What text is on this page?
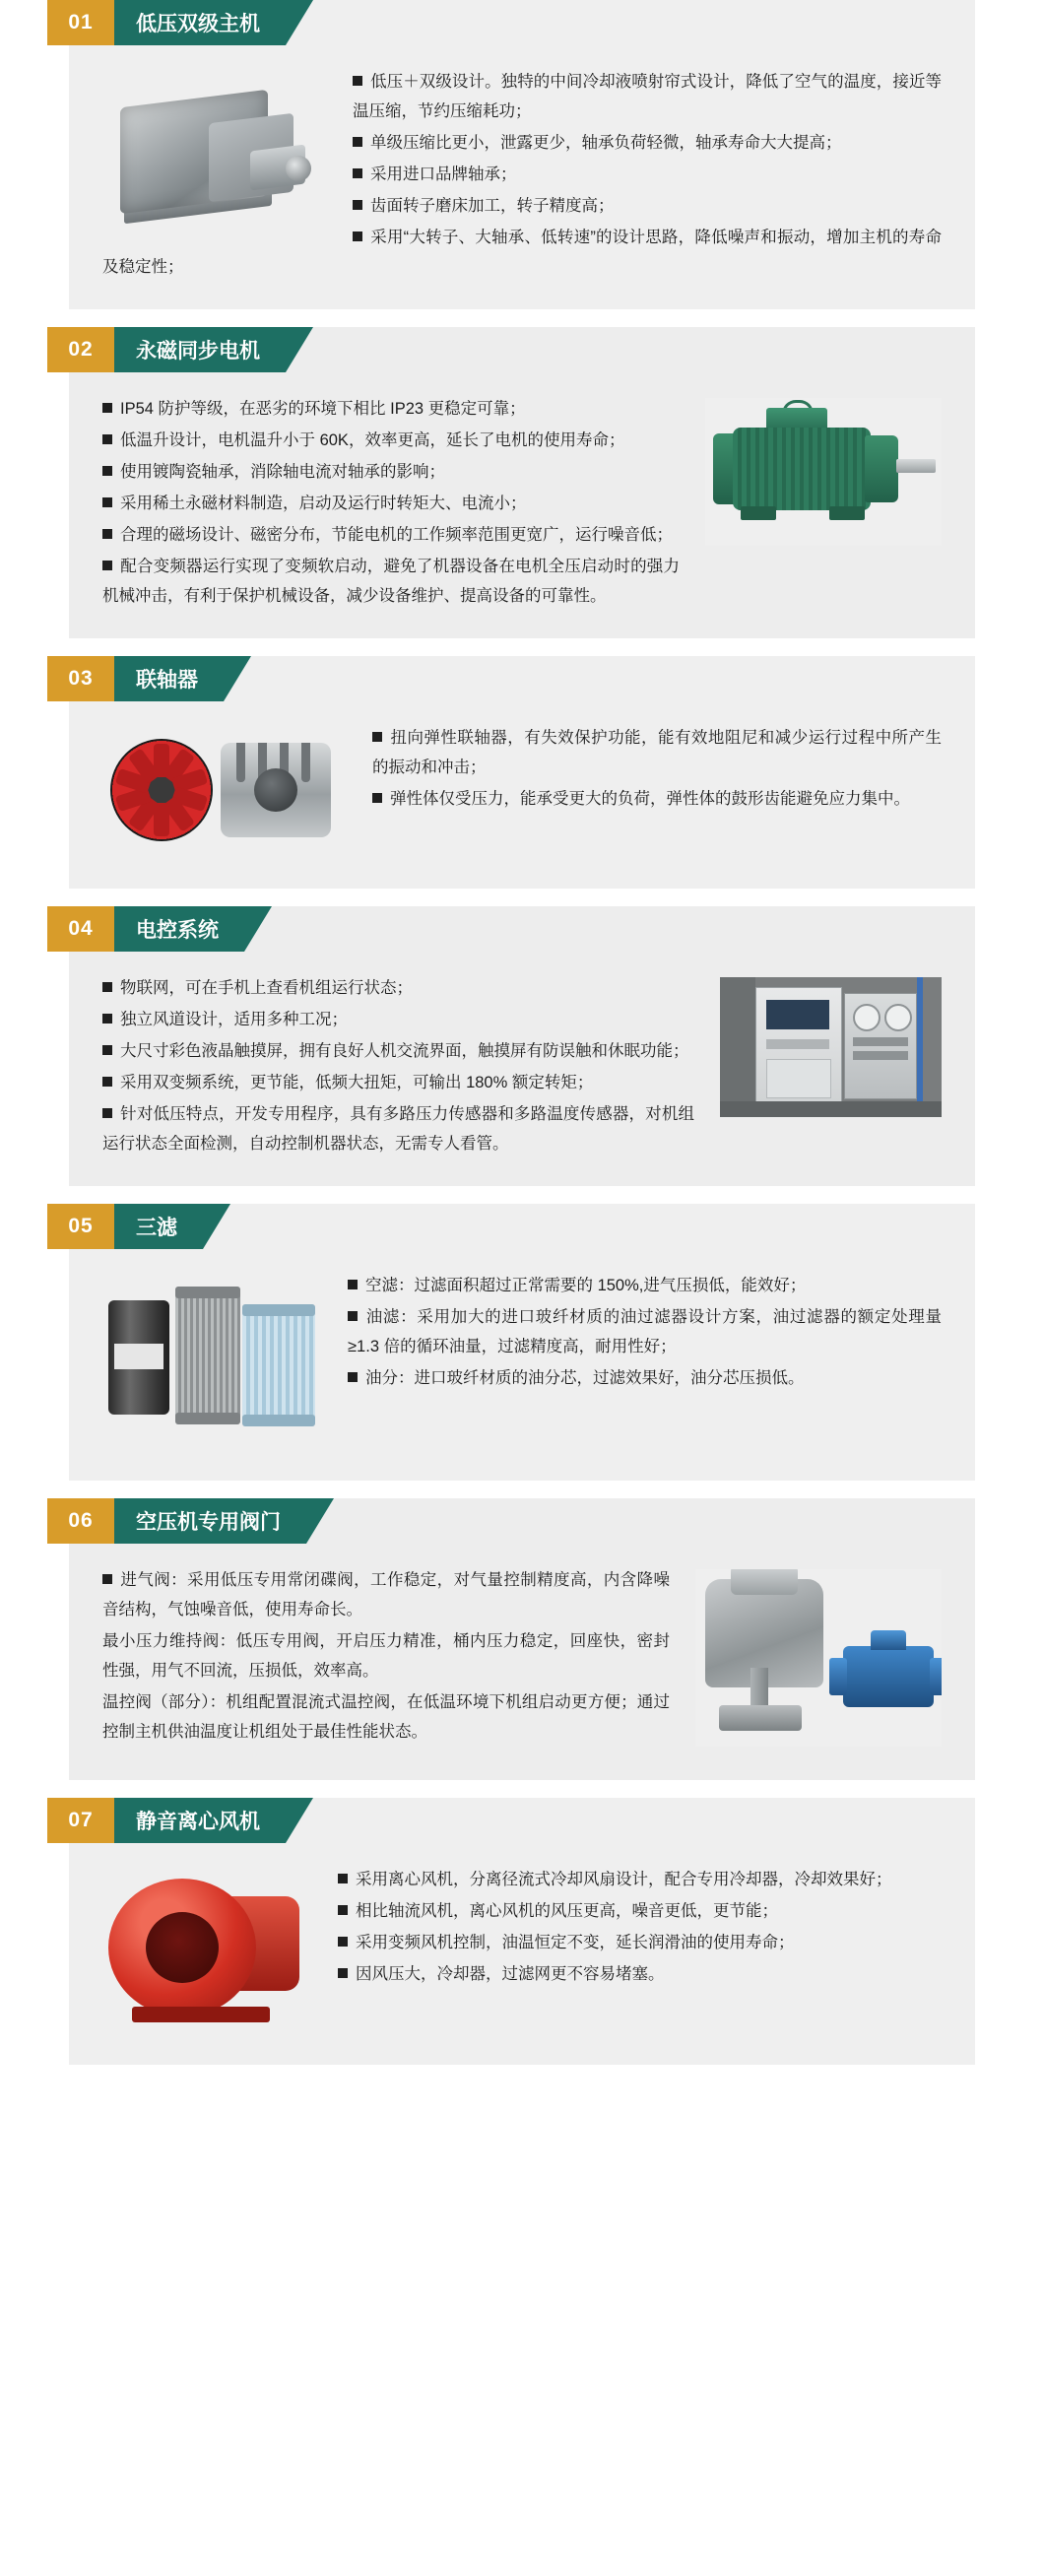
01	低压双级主机

低压＋双级设计。独特的中间冷却液喷射帘式设计，降低了空气的温度，接近等温压缩，节约压缩耗功；

单级压缩比更小，泄露更少，轴承负荷轻微，轴承寿命大大提高；

采用进口品牌轴承；

齿面转子磨床加工，转子精度高；

采用“大转子、大轴承、低转速”的设计思路，降低噪声和振动，增加主机的寿命及稳定性；

02	永磁同步电机

IP54 防护等级，在恶劣的环境下相比 IP23 更稳定可靠；

低温升设计，电机温升小于 60K，效率更高，延长了电机的使用寿命；

使用镀陶瓷轴承，消除轴电流对轴承的影响；

采用稀土永磁材料制造，启动及运行时转矩大、电流小；

合理的磁场设计、磁密分布，节能电机的工作频率范围更宽广，运行噪音低；

配合变频器运行实现了变频软启动，避免了机器设备在电机全压启动时的强力机械冲击，有利于保护机械设备，减少设备维护、提高设备的可靠性。

03	联轴器

扭向弹性联轴器，有失效保护功能，能有效地阻尼和减少运行过程中所产生的振动和冲击；

弹性体仅受压力，能承受更大的负荷，弹性体的鼓形齿能避免应力集中。

04	电控系统

物联网，可在手机上查看机组运行状态；

独立风道设计，适用多种工况；

大尺寸彩色液晶触摸屏，拥有良好人机交流界面，触摸屏有防误触和休眠功能；

采用双变频系统，更节能，低频大扭矩，可输出 180% 额定转矩；

针对低压特点，开发专用程序，具有多路压力传感器和多路温度传感器，对机组运行状态全面检测，自动控制机器状态，无需专人看管。

05	三滤

空滤：过滤面积超过正常需要的 150%,进气压损低，能效好；

油滤：采用加大的进口玻纤材质的油过滤器设计方案，油过滤器的额定处理量≥1.3 倍的循环油量，过滤精度高，耐用性好；

油分：进口玻纤材质的油分芯，过滤效果好，油分芯压损低。

06	空压机专用阀门

进气阀：采用低压专用常闭碟阀，工作稳定，对气量控制精度高，内含降噪音结构，气蚀噪音低，使用寿命长。

最小压力维持阀：低压专用阀，开启压力精准，桶内压力稳定，回座快，密封性强，用气不回流，压损低，效率高。

温控阀（部分）：机组配置混流式温控阀，在低温环境下机组启动更方便；通过控制主机供油温度让机组处于最佳性能状态。

07	静音离心风机

采用离心风机，分离径流式冷却风扇设计，配合专用冷却器，冷却效果好；

相比轴流风机，离心风机的风压更高，噪音更低，更节能；

采用变频风机控制，油温恒定不变，延长润滑油的使用寿命；

因风压大，冷却器，过滤网更不容易堵塞。
